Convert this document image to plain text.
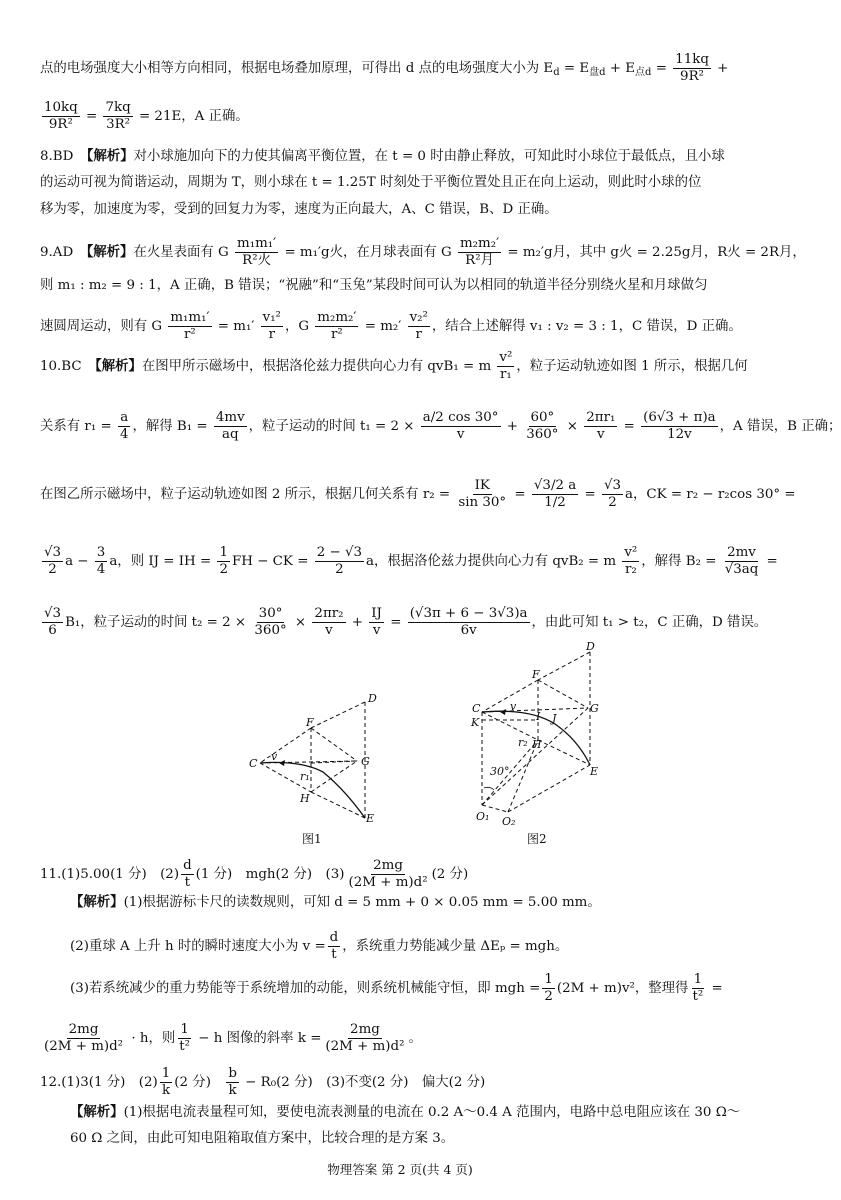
点的电场强度大小相等方向相同，根据电场叠加原理，可得出 d 点的电场强度大小为 $E_d = E_{盘d} + E_{点d} = \frac{11kq}{\text{9R²}}$ +
$\frac{10kq}{\text{9R²}} = \frac{7kq}{\text{3R²}} = 21E$，A 正确。
8.BD　 【解析】对小球施加向下的力使其偏离平衡位置，在 t = 0 时由静止释放，可知此时小球位于最低点，且小球
的运动可视为简谐运动，周期为 T，则小球在 t = 1.25T 时刻处于平衡位置处且正在向上运动，则此时小球的位
移为零，加速度为零，受到的回复力为零，速度为正向最大，A、C 错误，B、D 正确。
9.AD　 【解析】在火星表面有 G $\frac{\text{m₁m₁′}}{\text{R²火}} = m_1'g$火，在月球表面有 G $\frac{\text{m₂m₂′}}{\text{R²月}} = m_2'g$月，其中 g火 = 2.25g月，R火 = 2R月，
则 m₁ : m₂ = 9 : 1，A 正确，B 错误；“祝融”和“玉兔”某段时间可认为以相同的轨道半径分别绕火星和月球做匀
速圆周运动，则有 G $\frac{\text{m₁m₁′}}{\text{r²}} = m_1' \frac{\text{v₁²}}{r}$ ，G $\frac{\text{m₂m₂′}}{\text{r²}} = m_2' \frac{\text{v₂²}}{r}$ ，结合上述解得 v₁ : v₂ = 3 : 1，C 错误，D 正确。
10.BC　 【解析】在图甲所示磁场中，根据洛伦兹力提供向心力有 qvB₁ = m $\frac{\text{v²}}{\text{r₁}}$ ，粒子运动轨迹如图 1 所示，根据几何
关系有 $r_1 = \frac{a}{4}$ ，解得 $B_1 = \frac{4mv}{aq}$ ，粒子运动的时间 $t_1 = 2 \times \frac{a/2 \cos 30^\circ}{v} + \frac{60^\circ}{360^\circ} \times \frac{\text{2πr₁}}{v} = \frac{(6√3 + \pi)a}{12v}$ ，A 错误，B 正确；
在图乙所示磁场中，粒子运动轨迹如图 2 所示，根据几何关系有 $r_2 = \frac{IK}{\sin 30^\circ} = \frac{√3/2 a}{1/2} = \frac{√3}{2}$ a，CK = r₂ − r₂cos 30° =
$\frac{√3}{2}$ $a - \frac{3}{4}$ a，则 IJ = IH = $\frac{1}{2}$ FH − CK = $\frac{2 - √3}{2}$ a，根据洛伦兹力提供向心力有 qvB₂ = m $\frac{\text{v²}}{\text{r₂}}$ ，解得 $B_2 = \frac{2mv}{√3aq}$ =
$\frac{√3}{6} B_1$，粒子运动的时间 $t_2 = 2 \times \frac{30^\circ}{360^\circ} \times \frac{\text{2πr₂}}{v} + \frac{IJ}{v} = \frac{(√3\pi + 6 - 3√3)a}{6v}$ ，由此可知 t₁ > t₂，C 正确，D 错误。
C
D
E
F
G
H
v
r₁
图1
C
D
E
F
G
H
I J
K
v
r₂
30°
O₁ O₂
图2
11.(1)5.00(1 分)　$(2) \frac{d}{t} (1$ 分)　mgh(2 分)　$(3) \frac{2mg}{\text{(2M + m)d²}} (2$ 分)
【解析】(1)根据游标卡尺的读数规则，可知 d = 5 mm + 0 × 0.05 mm = 5.00 mm。
(2)重球 A 上升 h 时的瞬时速度大小为 $v = \frac{d}{t}$ ，系统重力势能减少量 ΔEₚ = mgh。
(3)若系统减少的重力势能等于系统增加的动能，则系统机械能守恒，即 mgh = $\frac{1}{2} (2M + m)v^2$，整理得 $\frac{1}{\text{t²}}$ =
$\frac{2mg}{\text{(2M + m)d²}} \cdot h$，则 $\frac{1}{\text{t²}} - h$ 图像的斜率 $k = \frac{2mg}{\text{(2M + m)d²}}$ 。
12.(1)3(1 分)　$(2) \frac{1}{k} (2$ 分)　 $\frac{b}{k} - R_0(2$ 分)　(3)不变(2 分)　偏大(2 分)
【解析】(1)根据电流表量程可知，要使电流表测量的电流在 0.2 A～0.4 A 范围内，电路中总电阻应该在 30 Ω～
60 Ω 之间，由此可知电阻箱取值方案中，比较合理的是方案 3。
物理答案 第 2 页(共 4 页)
